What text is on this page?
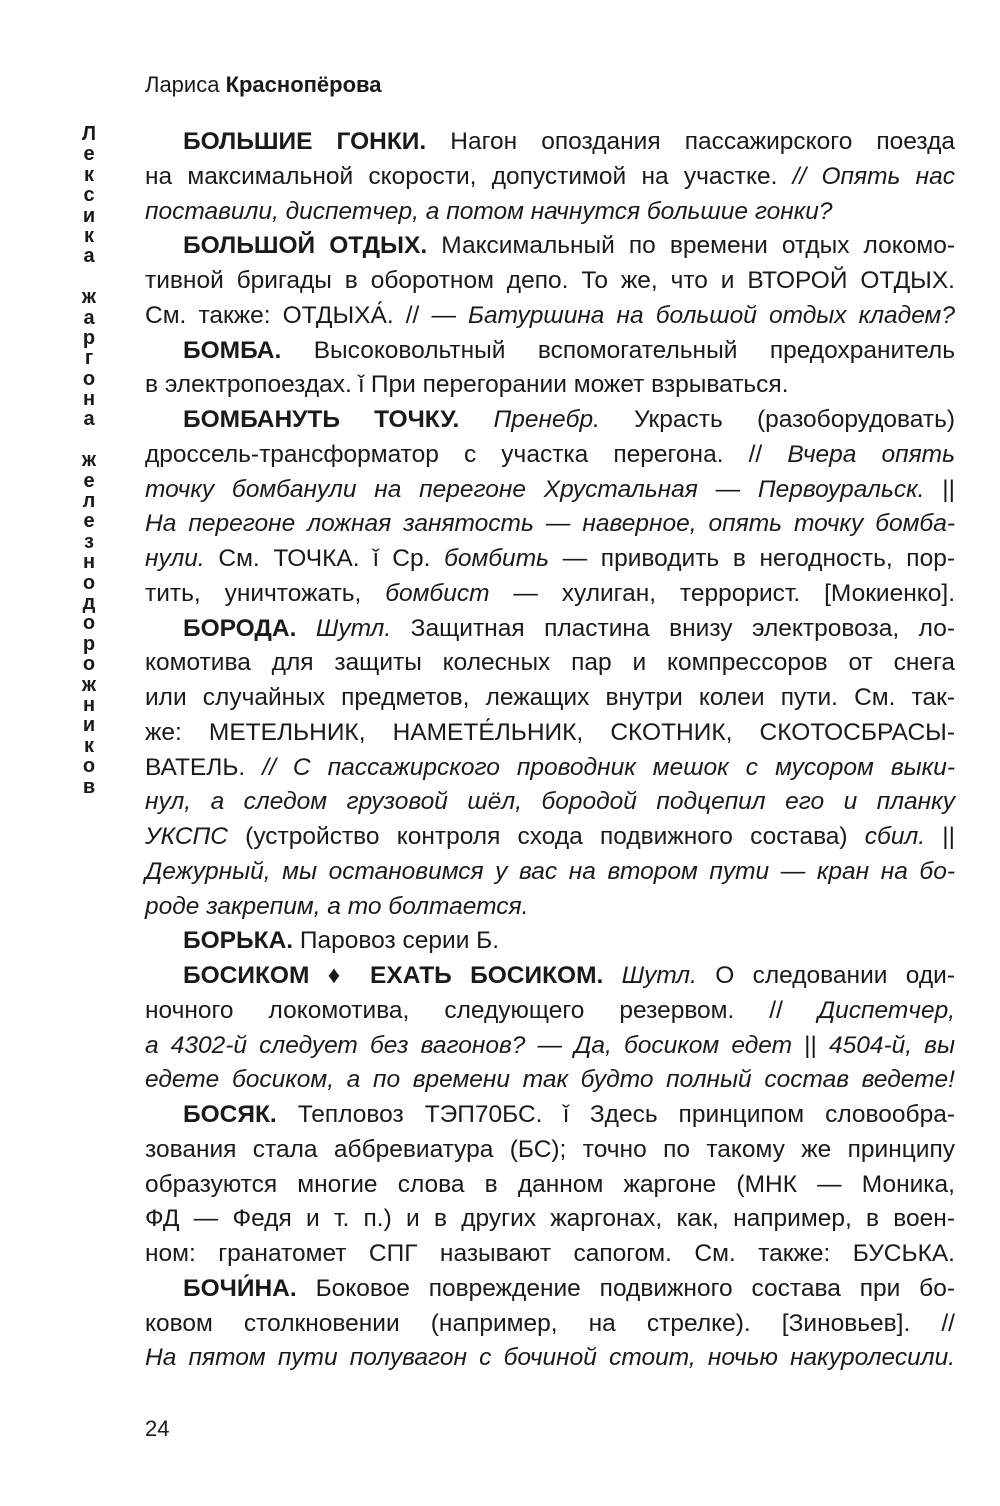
Лариса Краснопёрова
Л
е
к
с
и
к
а

ж
а
р
г
о
н
а

ж
е
л
е
з
н
о
д
о
р
о
ж
н
и
к
о
в
БОЛЬШИЕ ГОНКИ. Нагон опоздания пассажирского поезда
на максимальной скорости, допустимой на участке. // Опять нас
поставили, диспетчер, а потом начнутся большие гонки?
БОЛЬШОЙ ОТДЫХ. Максимальный по времени отдых локомо-
тивной бригады в оборотном депо. То же, что и ВТОРОЙ ОТДЫХ.
См. также: ОТДЫХА́. // — Батуршина на большой отдых кладем?
БОМБА. Высоковольтный вспомогательный предохранитель
в электропоездах. ǐ При перегорании может взрываться.
БОМБАНУТЬ ТОЧКУ. Пренебр. Украсть (разоборудовать)
дроссель-трансформатор с участка перегона. // Вчера опять
точку бомбанули на перегоне Хрустальная — Первоуральск. ||
На перегоне ложная занятость — наверное, опять точку бомба-
нули. См. ТОЧКА. ǐ Ср. бомбить — приводить в негодность, пор-
тить, уничтожать, бомбист — хулиган, террорист. [Мокиенко].
БОРОДА. Шутл. Защитная пластина внизу электровоза, ло-
комотива для защиты колесных пар и компрессоров от снега
или случайных предметов, лежащих внутри колеи пути. См. так-
же: МЕТЕЛЬНИК, НАМЕТЕ́ЛЬНИК, СКОТНИК, СКОТОСБРАСЫ-
ВАТЕЛЬ. // С пассажирского проводник мешок с мусором выки-
нул, а следом грузовой шёл, бородой подцепил его и планку
УКСПС (устройство контроля схода подвижного состава) сбил. ||
Дежурный, мы остановимся у вас на втором пути — кран на бо-
роде закрепим, а то болтается.
БОРЬКА. Паровоз серии Б.
БОСИКОМ ♦ ЕХАТЬ БОСИКОМ. Шутл. О следовании оди-
ночного локомотива, следующего резервом. // Диспетчер,
а 4302-й следует без вагонов? — Да, босиком едет || 4504-й, вы
едете босиком, а по времени так будто полный состав ведете!
БОСЯК. Тепловоз ТЭП70БС. ǐ Здесь принципом словообра-
зования стала аббревиатура (БС); точно по такому же принципу
образуются многие слова в данном жаргоне (МНК — Моника,
ФД — Федя и т. п.) и в других жаргонах, как, например, в воен-
ном: гранатомет СПГ называют сапогом. См. также: БУСЬКА.
БОЧИ́НА. Боковое повреждение подвижного состава при бо-
ковом столкновении (например, на стрелке). [Зиновьев]. //
На пятом пути полувагон с бочиной стоит, ночью накуролесили.
24
